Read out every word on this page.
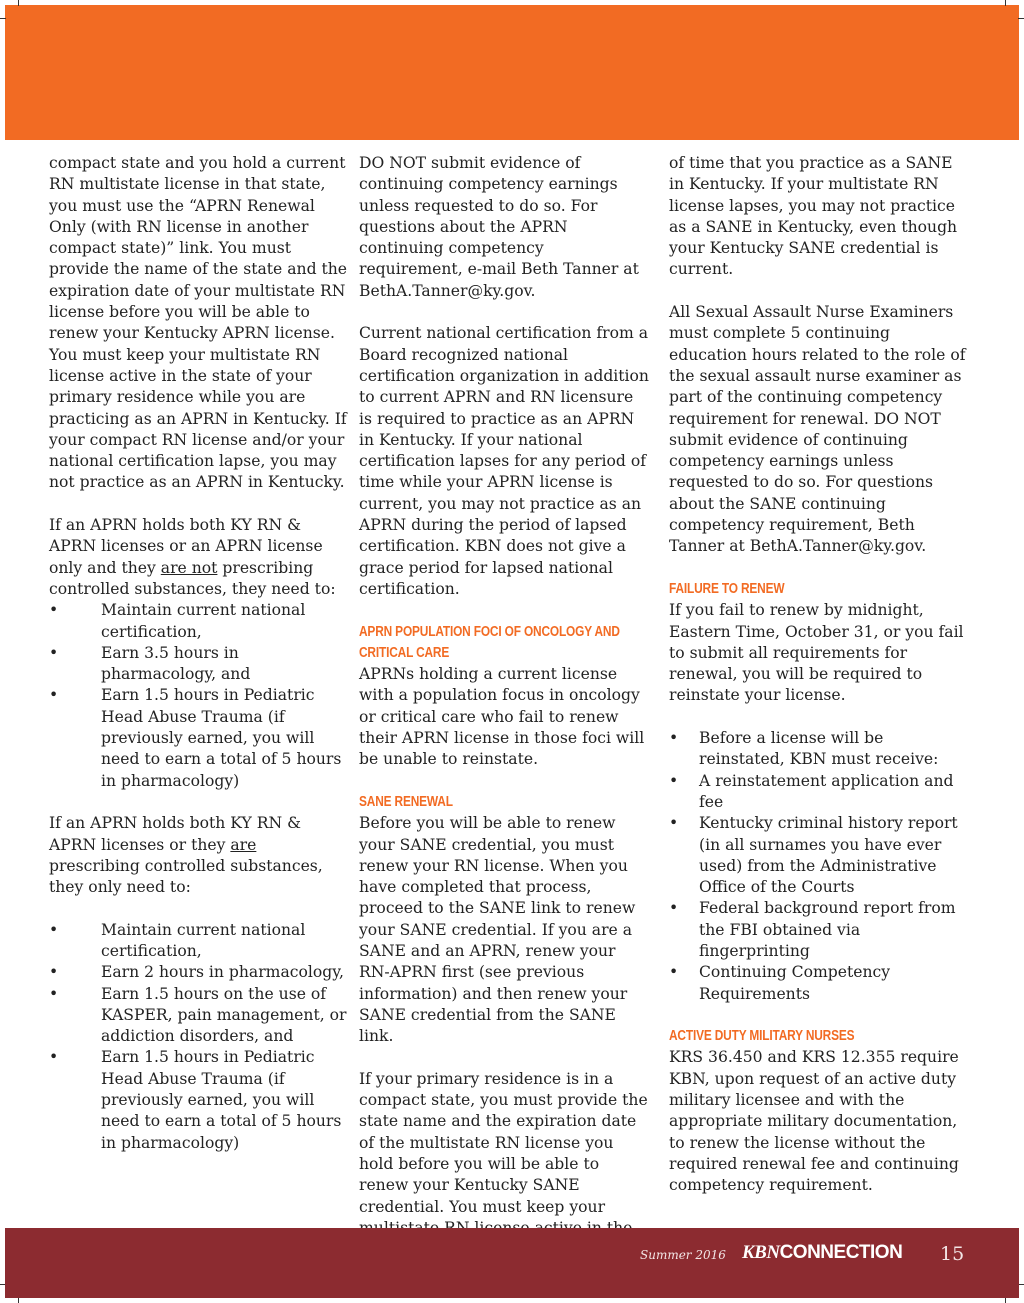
compact state and you hold a current RN multistate license in that state, you must use the “APRN Renewal Only (with RN license in another compact state)” link. You must provide the name of the state and the expiration date of your multistate RN license before you will be able to renew your Kentucky APRN license. You must keep your multistate RN license active in the state of your primary residence while you are practicing as an APRN in Kentucky. If your compact RN license and/or your national certification lapse, you may not practice as an APRN in Kentucky.

If an APRN holds both KY RN & APRN licenses or an APRN license only and they are not prescribing controlled substances, they need to:

•	Maintain current national certification,
•	Earn 3.5 hours in pharmacology, and
•	Earn 1.5 hours in Pediatric Head Abuse Trauma (if previously earned, you will need to earn a total of 5 hours in pharmacology)

If an APRN holds both KY RN & APRN licenses or they are prescribing controlled substances, they only need to:

•	Maintain current national certification,
•	Earn 2 hours in pharmacology,
•	Earn 1.5 hours on the use of KASPER, pain management, or addiction disorders, and
•	Earn 1.5 hours in Pediatric Head Abuse Trauma (if previously earned, you will need to earn a total of 5 hours in pharmacology)

DO NOT submit evidence of continuing competency earnings unless requested to do so. For questions about the APRN continuing competency requirement, e-mail Beth Tanner at BethA.Tanner@ky.gov.

Current national certification from a Board recognized national certification organization in addition to current APRN and RN licensure is required to practice as an APRN in Kentucky. If your national certification lapses for any period of time while your APRN license is current, you may not practice as an APRN during the period of lapsed certification. KBN does not give a grace period for lapsed national certification.

APRN POPULATION FOCI OF ONCOLOGY AND
CRITICAL CARE

APRNs holding a current license with a population focus in oncology or critical care who fail to renew their APRN license in those foci will be unable to reinstate.

SANE RENEWAL

Before you will be able to renew your SANE credential, you must renew your RN license. When you have completed that process, proceed to the SANE link to renew your SANE credential. If you are a SANE and an APRN, renew your RN-APRN first (see previous information) and then renew your SANE credential from the SANE link.

If your primary residence is in a compact state, you must provide the state name and the expiration date of the multistate RN license you hold before you will be able to renew your Kentucky SANE credential. You must keep your

of time that you practice as a SANE in Kentucky. If your multistate RN license lapses, you may not practice as a SANE in Kentucky, even though your Kentucky SANE credential is current.

All Sexual Assault Nurse Examiners must complete 5 continuing education hours related to the role of the sexual assault nurse examiner as part of the continuing competency requirement for renewal. DO NOT submit evidence of continuing competency earnings unless requested to do so. For questions about the SANE continuing competency requirement, Beth Tanner at BethA.Tanner@ky.gov.

FAILURE TO RENEW

If you fail to renew by midnight, Eastern Time, October 31, or you fail to submit all requirements for renewal, you will be required to reinstate your license.

•	Before a license will be reinstated, KBN must receive:
•	A reinstatement application and fee
•	Kentucky criminal history report (in all surnames you have ever used) from the Administrative Office of the Courts
•	Federal background report from the FBI obtained via fingerprinting
•	Continuing Competency Requirements
ACTIVE DUTY MILITARY NURSES

KRS 36.450 and KRS 12.355 require KBN, upon request of an active duty military licensee and with the appropriate military documentation, to renew the license without the required renewal fee and continuing competency requirement.

Summer 2016 KBNCONNECTION 15
